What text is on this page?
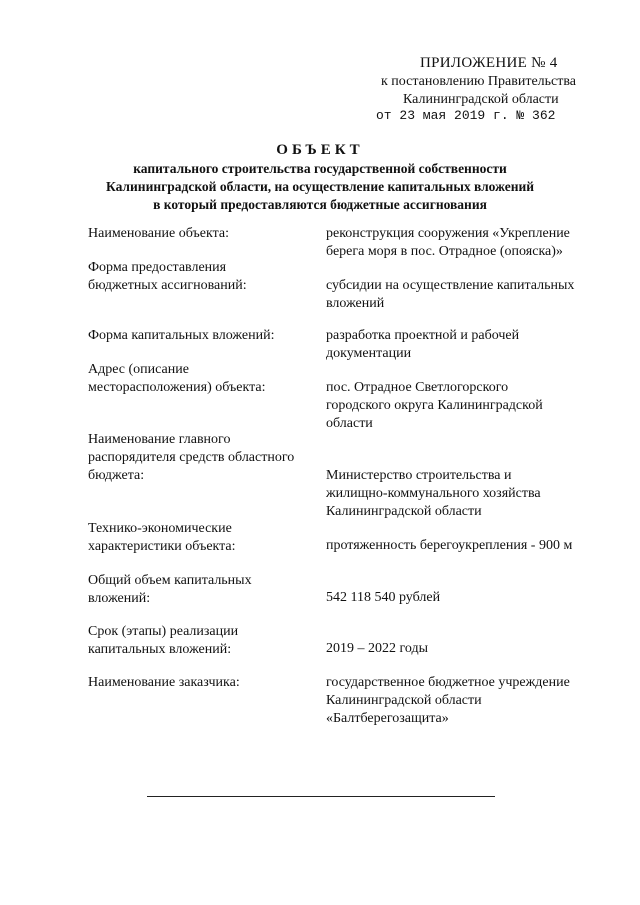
ПРИЛОЖЕНИЕ № 4
к постановлению Правительства
Калининградской области
от 23 мая 2019 г. № 362
ОБЪЕКТ
капитального строительства государственной собственности
Калининградской области, на осуществление капитальных вложений
в который предоставляются бюджетные ассигнования
Наименование объекта:	реконструкция сооружения «Укрепление
берега моря в пос. Отрадное (опояска)»
Форма предоставления
бюджетных ассигнований:	субсидии на осуществление капитальных
вложений
Форма капитальных вложений:	разработка проектной и рабочей
документации
Адрес (описание
месторасположения) объекта:	пос. Отрадное Светлогорского
городского округа Калининградской
области
Наименование главного
распорядителя средств областного
бюджета:	Министерство строительства и
жилищно-коммунального хозяйства
Калининградской области
Технико-экономические
характеристики объекта:	протяженность берегоукрепления - 900 м
Общий объем капитальных
вложений:	542 118 540 рублей
Срок (этапы) реализации
капитальных вложений:	2019 – 2022 годы
Наименование заказчика:	государственное бюджетное учреждение
Калининградской области
«Балтберегозащита»
